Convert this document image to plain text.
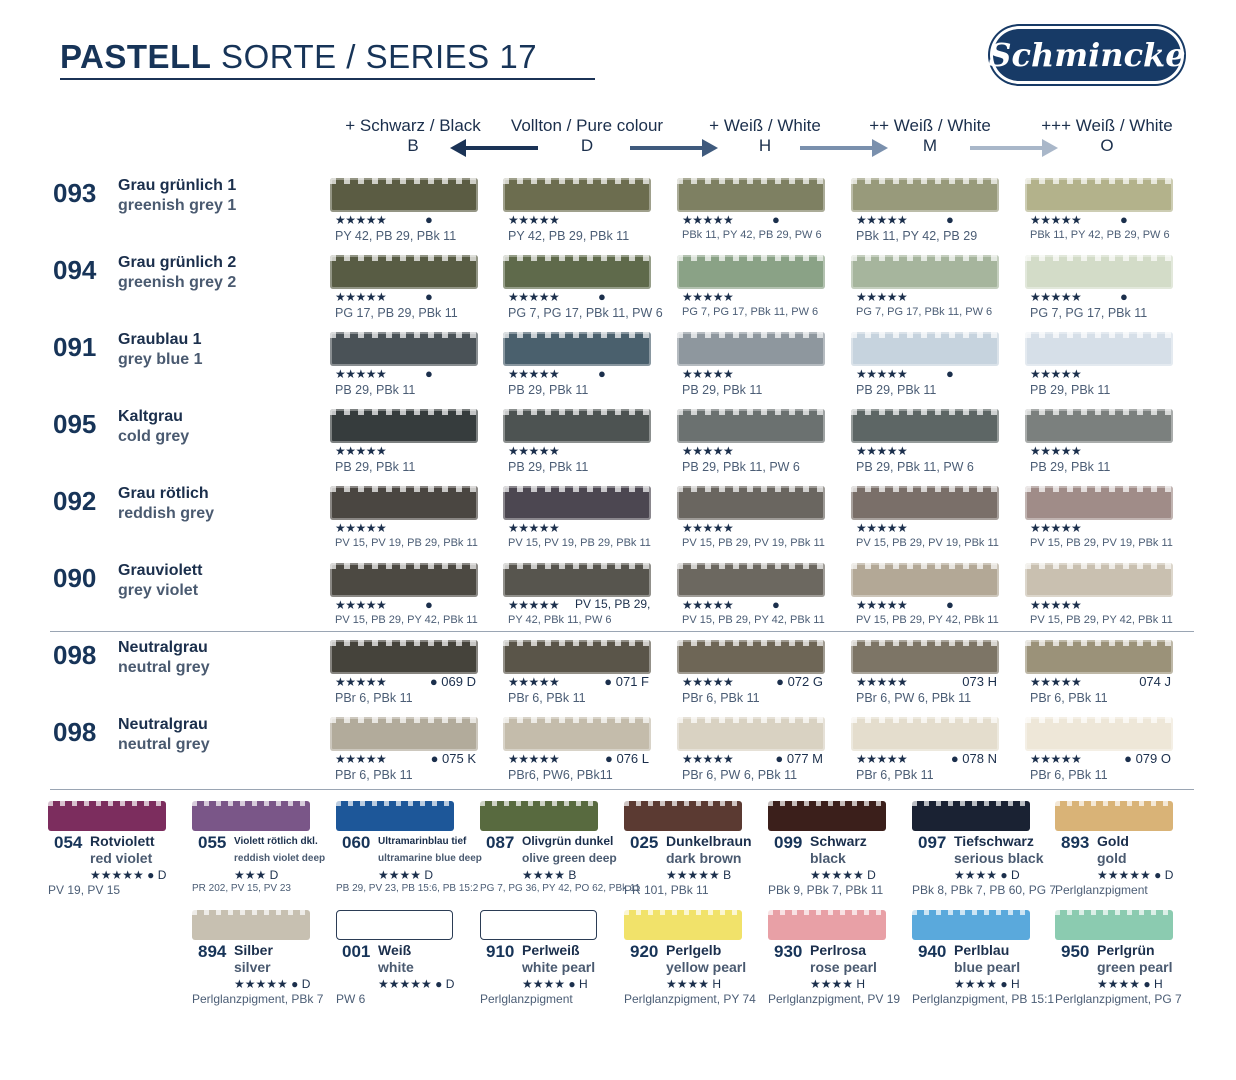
PASTELL SORTE / SERIES 17	Schmincke
+ Schwarz / Black
B
Vollton / Pure colour
D
+ Weiß / White
H
++ Weiß / White
M
+++ Weiß / White
O
093 Grau grünlich 1
greenish grey 1
★★★★★	●
PY 42, PB 29, PBk 11
★★★★★
PY 42, PB 29, PBk 11
★★★★★	●
PBk 11, PY 42, PB 29, PW 6
★★★★★	●
PBk 11, PY 42, PB 29
★★★★★	●
PBk 11, PY 42, PB 29, PW 6
094 Grau grünlich 2
greenish grey 2
★★★★★	●
PG 17, PB 29, PBk 11
★★★★★	●
PG 7, PG 17, PBk 11, PW 6
★★★★★
PG 7, PG 17, PBk 11, PW 6
★★★★★
PG 7, PG 17, PBk 11, PW 6
★★★★★	●
PG 7, PG 17, PBk 11
091 Graublau 1
grey blue 1
★★★★★	●
PB 29, PBk 11
★★★★★	●
PB 29, PBk 11
★★★★★
PB 29, PBk 11
★★★★★	●
PB 29, PBk 11
★★★★★
PB 29, PBk 11
095 Kaltgrau
cold grey
★★★★★
PB 29, PBk 11
★★★★★
PB 29, PBk 11
★★★★★
PB 29, PBk 11, PW 6
★★★★★
PB 29, PBk 11, PW 6
★★★★★
PB 29, PBk 11
092 Grau rötlich
reddish grey
★★★★★
PV 15, PV 19, PB 29, PBk 11
★★★★★
PV 15, PV 19, PB 29, PBk 11
★★★★★
PV 15, PB 29, PV 19, PBk 11
★★★★★
PV 15, PB 29, PV 19, PBk 11
★★★★★
PV 15, PB 29, PV 19, PBk 11
090 Grauviolett
grey violet
★★★★★	●
PV 15, PB 29, PY 42, PBk 11
★★★★★ PV 15, PB 29,
PY 42, PBk 11, PW 6
★★★★★	●
PV 15, PB 29, PY 42, PBk 11
★★★★★	●
PV 15, PB 29, PY 42, PBk 11
★★★★★
PV 15, PB 29, PY 42, PBk 11
098 Neutralgrau
neutral grey
★★★★★	● 069 D
PBr 6, PBk 11
★★★★★	● 071 F
PBr 6, PBk 11
★★★★★	● 072 G
PBr 6, PBk 11
★★★★★	073 H
PBr 6, PW 6, PBk 11
★★★★★	074 J
PBr 6, PBk 11
098 Neutralgrau
neutral grey
★★★★★	● 075 K
PBr 6, PBk 11
★★★★★	● 076 L
PBr6, PW6, PBk11
★★★★★	● 077 M
PBr 6, PW 6, PBk 11
★★★★★	● 078 N
PBr 6, PBk 11
★★★★★	● 079 O
PBr 6, PBk 11
054 Rotviolett
red violet
★★★★★ ● D
PV 19, PV 15
055 Violett rötlich dkl.
reddish violet deep
★★★ D
PR 202, PV 15, PV 23
060 Ultramarinblau tief
ultramarine blue deep
★★★★ D
PB 29, PV 23, PB 15:6, PB 15:2
087 Olivgrün dunkel
olive green deep
★★★★ B
PG 7, PG 36, PY 42, PO 62, PBk 11
025 Dunkelbraun
dark brown
★★★★★ B
PR 101, PBk 11
099 Schwarz
black
★★★★★ D
PBk 9, PBk 7, PBk 11
097 Tiefschwarz
serious black
★★★★ ● D
PBk 8, PBk 7, PB 60, PG 7
893 Gold
gold
★★★★★ ● D
Perlglanzpigment
894 Silber
silver
★★★★★ ● D
Perlglanzpigment, PBk 7
001 Weiß
white
★★★★★ ● D
PW 6
910 Perlweiß
white pearl
★★★★ ● H
Perlglanzpigment
920 Perlgelb
yellow pearl
★★★★ H
Perlglanzpigment, PY 74
930 Perlrosa
rose pearl
★★★★ H
Perlglanzpigment, PV 19
940 Perlblau
blue pearl
★★★★ ● H
Perlglanzpigment, PB 15:1
950 Perlgrün
green pearl
★★★★ ● H
Perlglanzpigment, PG 7
